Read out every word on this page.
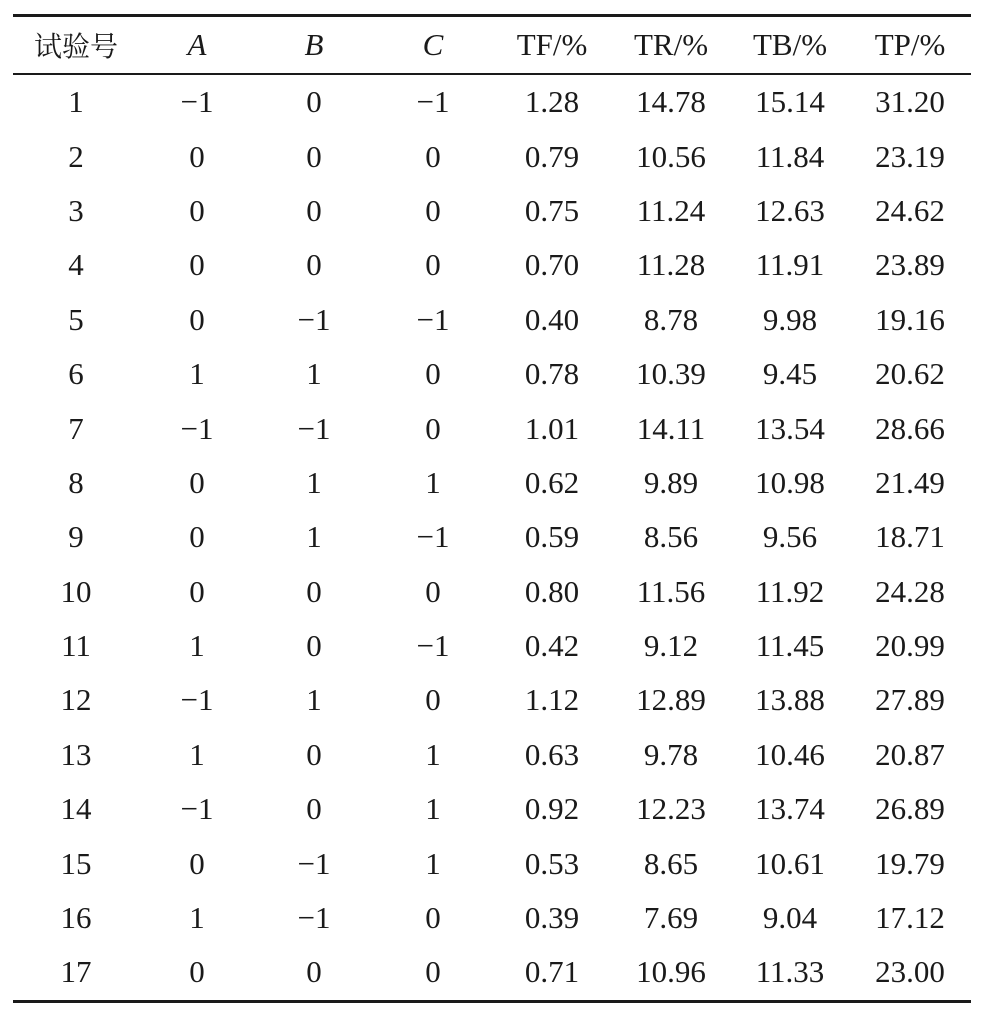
试验号	A	B	C	TF/%	TR/%	TB/%	TP/%
1	−1	0	−1	1.28	14.78	15.14	31.20
2	0	0	0	0.79	10.56	11.84	23.19
3	0	0	0	0.75	11.24	12.63	24.62
4	0	0	0	0.70	11.28	11.91	23.89
5	0	−1	−1	0.40	8.78	9.98	19.16
6	1	1	0	0.78	10.39	9.45	20.62
7	−1	−1	0	1.01	14.11	13.54	28.66
8	0	1	1	0.62	9.89	10.98	21.49
9	0	1	−1	0.59	8.56	9.56	18.71
10	0	0	0	0.80	11.56	11.92	24.28
11	1	0	−1	0.42	9.12	11.45	20.99
12	−1	1	0	1.12	12.89	13.88	27.89
13	1	0	1	0.63	9.78	10.46	20.87
14	−1	0	1	0.92	12.23	13.74	26.89
15	0	−1	1	0.53	8.65	10.61	19.79
16	1	−1	0	0.39	7.69	9.04	17.12
17	0	0	0	0.71	10.96	11.33	23.00
